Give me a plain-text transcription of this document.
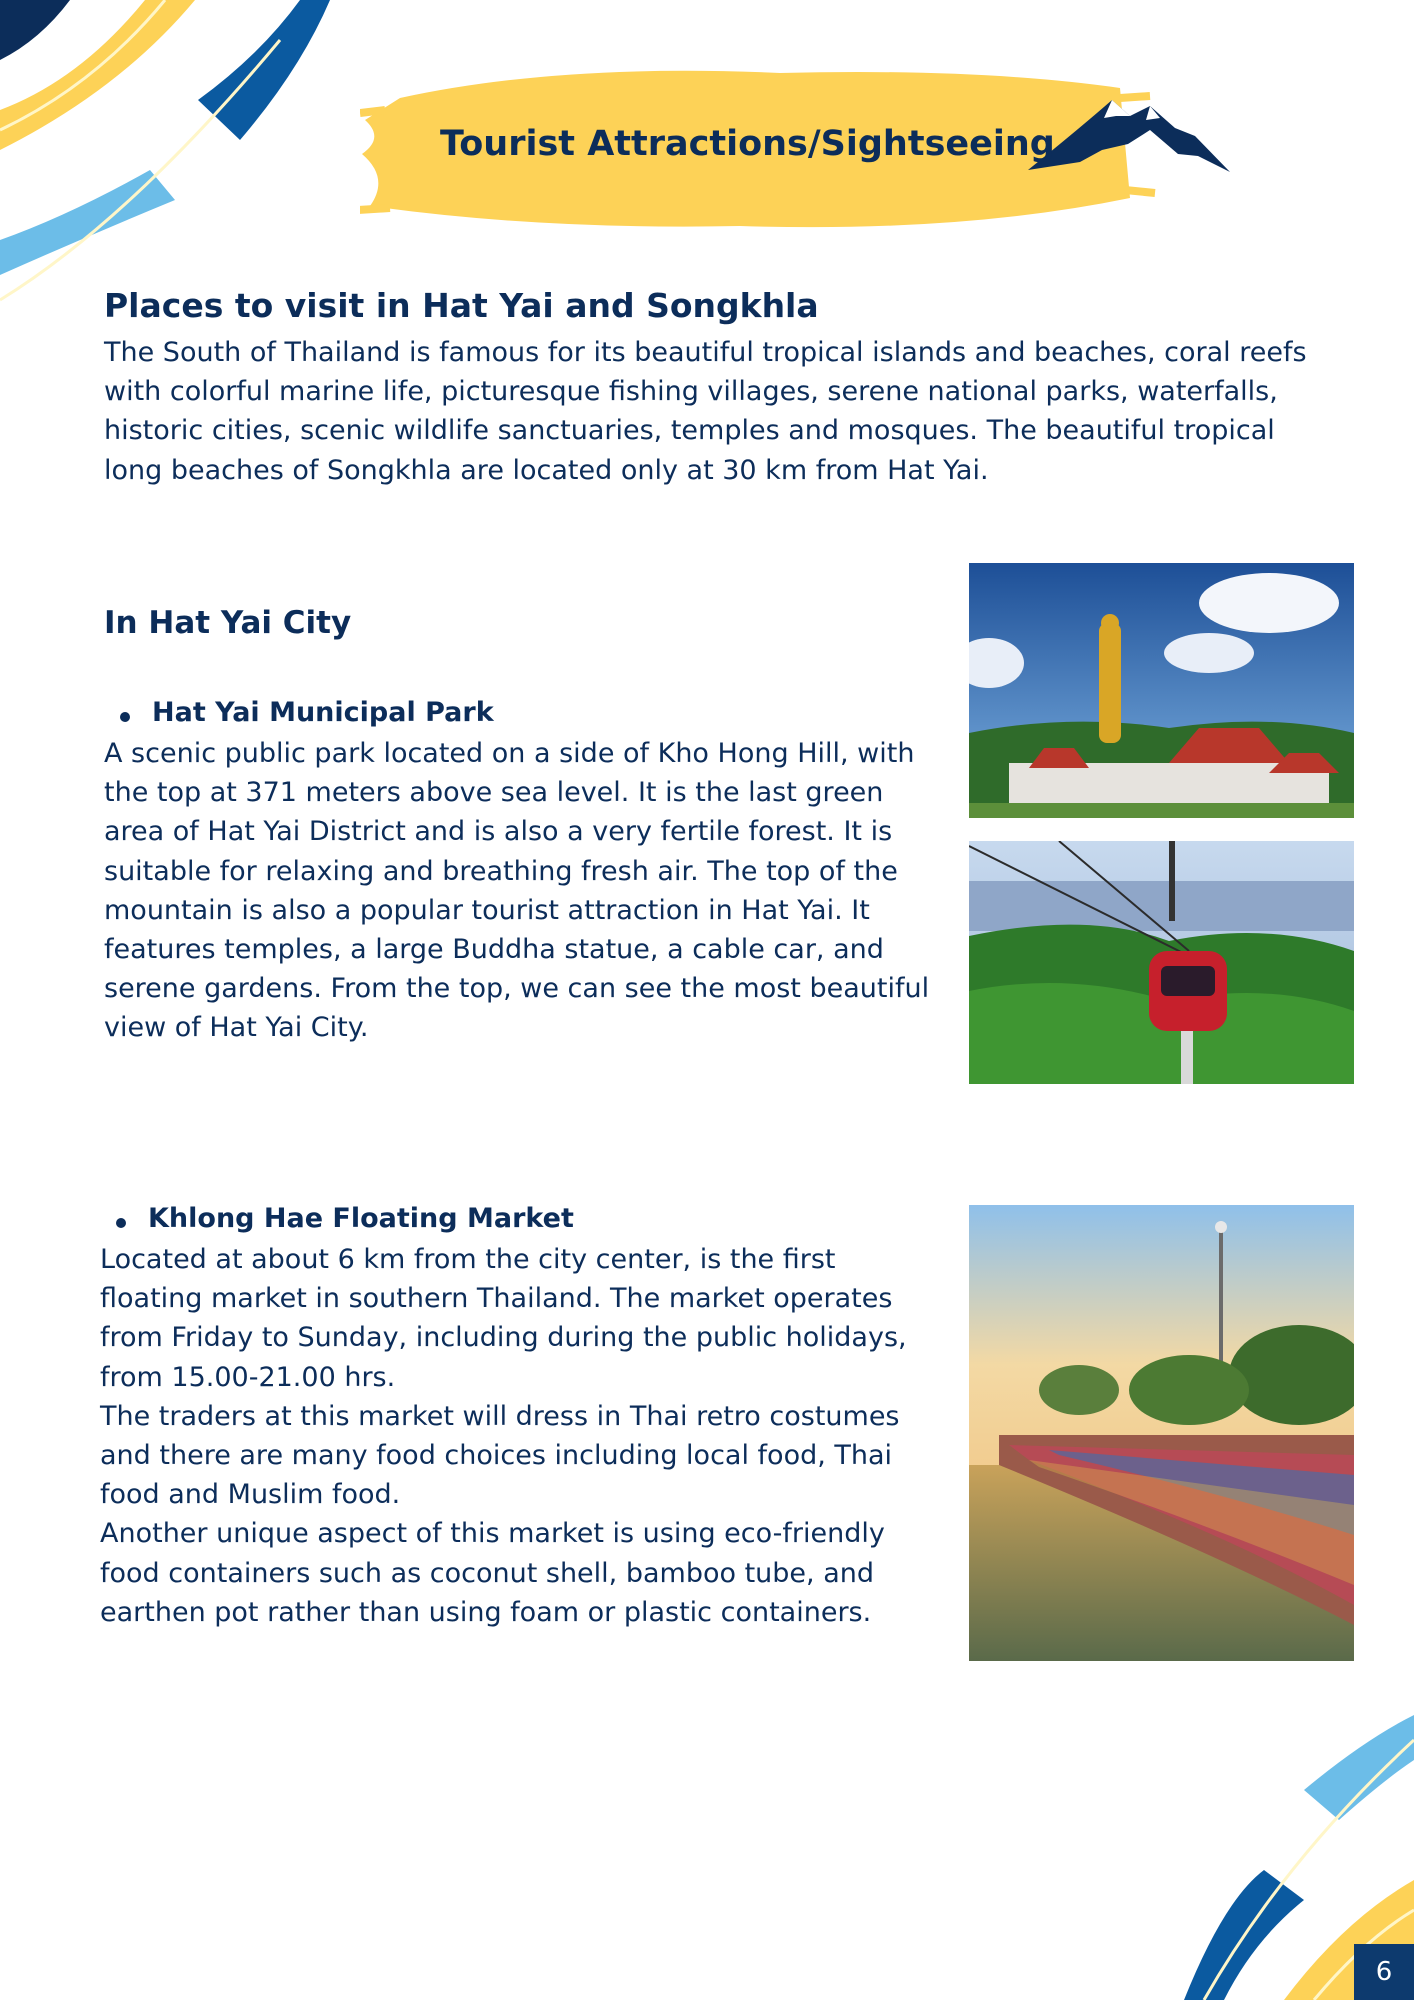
Tourist Attractions/Sightseeing
Places to visit in Hat Yai and Songkhla
The South of Thailand is famous for its beautiful tropical islands and beaches, coral reefs with colorful marine life, picturesque fishing villages, serene national parks, waterfalls, historic cities, scenic wildlife sanctuaries, temples and mosques. The beautiful tropical long beaches of Songkhla are located only at 30 km from Hat Yai.
In Hat Yai City
Hat Yai Municipal Park
A scenic public park located on a side of Kho Hong Hill, with the top at 371 meters above sea level. It is the last green area of Hat Yai District and is also a very fertile forest. It is suitable for relaxing and breathing fresh air. The top of the mountain is also a popular tourist attraction in Hat Yai. It features temples, a large Buddha statue, a cable car, and serene gardens. From the top, we can see the most beautiful view of Hat Yai City.
Khlong Hae Floating Market
Located at about 6 km from the city center, is the first floating market in southern Thailand. The market operates from Friday to Sunday, including during the public holidays, from 15.00-21.00 hrs.
The traders at this market will dress in Thai retro costumes and there are many food choices including local food, Thai food and Muslim food.
Another unique aspect of this market is using eco-friendly food containers such as coconut shell, bamboo tube, and earthen pot rather than using foam or plastic containers.
6
